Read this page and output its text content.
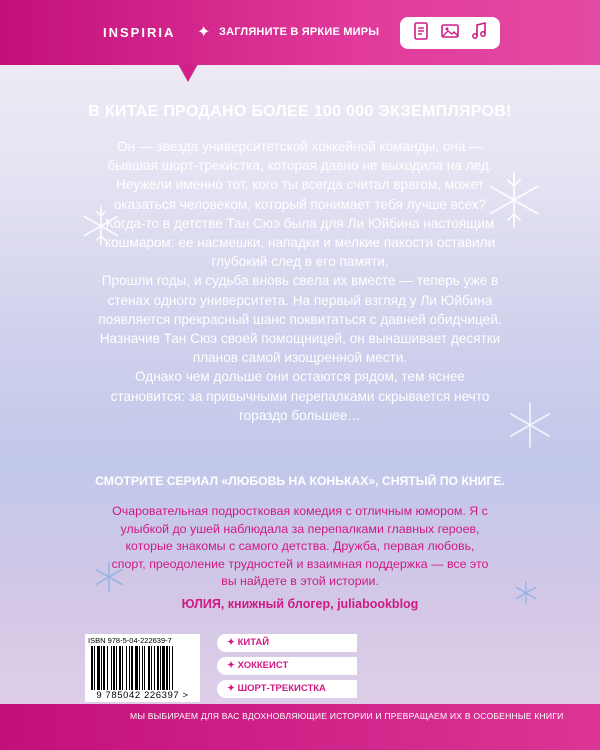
INSPIRIA ✦ ЗАГЛЯНИТЕ В ЯРКИЕ МИРЫ
В КИТАЕ ПРОДАНО БОЛЕЕ 100 000 ЭКЗЕМПЛЯРОВ!

Он — звезда университетской хоккейной команды, она — бывшая шорт-трекистка, которая давно не выходила на лед.

Неужели именно тот, кого ты всегда считал врагом, может оказаться человеком, который понимает тебя лучше всех?

Когда-то в детстве Тан Сюэ была для Ли Юйбина настоящим кошмаром: ее насмешки, нападки и мелкие пакости оставили глубокий след в его памяти.

Прошли годы, и судьба вновь свела их вместе — теперь уже в стенах одного университета. На первый взгляд у Ли Юйбина появляется прекрасный шанс поквитаться с давней обидчицей.

Назначив Тан Сюэ своей помощницей, он вынашивает десятки планов самой изощренной мести.

Однако чем дольше они остаются рядом, тем яснее становится: за привычными перепалками скрывается нечто гораздо большее…

СМОТРИТЕ СЕРИАЛ «ЛЮБОВЬ НА КОНЬКАХ», СНЯТЫЙ ПО КНИГЕ.
Очаровательная подростковая комедия с отличным юмором. Я с улыбкой до ушей наблюдала за перепалками главных героев, которые знакомы с самого детства. Дружба, первая любовь, спорт, преодоление трудностей и взаимная поддержка — все это вы найдете в этой истории.
ЮЛИЯ, книжный блогер, juliabookblog
ISBN 978-5-04-222639-7
9 785042 226397 >
✦ КИТАЙ
✦ ХОККЕИСТ
✦ ШОРТ-ТРЕКИСТКА
МЫ ВЫБИРАЕМ ДЛЯ ВАС ВДОХНОВЛЯЮЩИЕ ИСТОРИИ И ПРЕВРАЩАЕМ ИХ В ОСОБЕННЫЕ КНИГИ
